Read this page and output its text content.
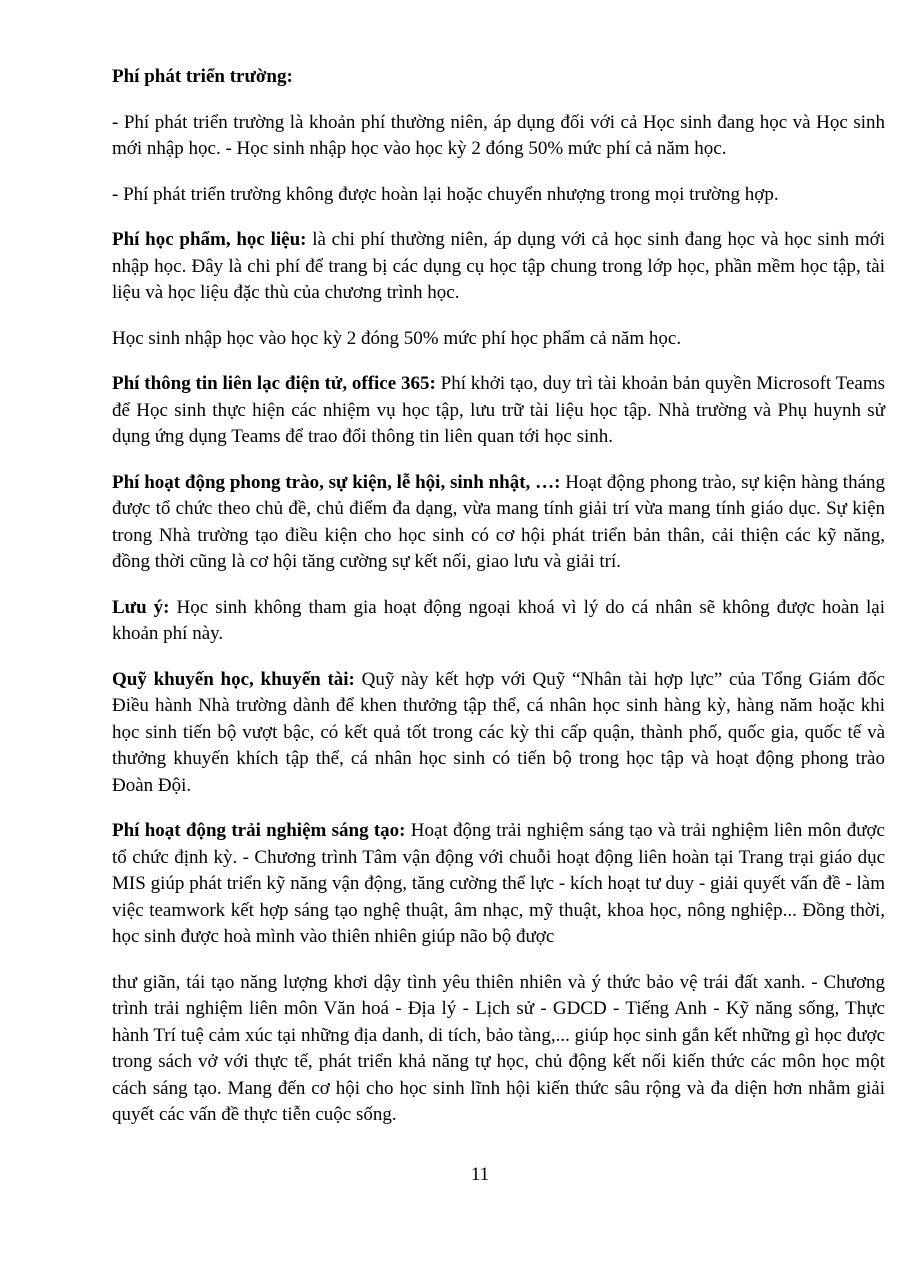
Phí phát triển trường:

- Phí phát triển trường là khoản phí thường niên, áp dụng đối với cả Học sinh đang học và Học sinh mới nhập học. - Học sinh nhập học vào học kỳ 2 đóng 50% mức phí cả năm học.

- Phí phát triển trường không được hoàn lại hoặc chuyển nhượng trong mọi trường hợp.

Phí học phẩm, học liệu: là chi phí thường niên, áp dụng với cả học sinh đang học và học sinh mới nhập học. Đây là chi phí để trang bị các dụng cụ học tập chung trong lớp học, phần mềm học tập, tài liệu và học liệu đặc thù của chương trình học.

Học sinh nhập học vào học kỳ 2 đóng 50% mức phí học phẩm cả năm học.

Phí thông tin liên lạc điện tử, office 365: Phí khởi tạo, duy trì tài khoản bản quyền Microsoft Teams để Học sinh thực hiện các nhiệm vụ học tập, lưu trữ tài liệu học tập. Nhà trường và Phụ huynh sử dụng ứng dụng Teams để trao đổi thông tin liên quan tới học sinh.

Phí hoạt động phong trào, sự kiện, lễ hội, sinh nhật, …: Hoạt động phong trào, sự kiện hàng tháng được tổ chức theo chủ đề, chủ điểm đa dạng, vừa mang tính giải trí vừa mang tính giáo dục. Sự kiện trong Nhà trường tạo điều kiện cho học sinh có cơ hội phát triển bản thân, cải thiện các kỹ năng, đồng thời cũng là cơ hội tăng cường sự kết nối, giao lưu và giải trí.

Lưu ý: Học sinh không tham gia hoạt động ngoại khoá vì lý do cá nhân sẽ không được hoàn lại khoản phí này.

Quỹ khuyến học, khuyến tài: Quỹ này kết hợp với Quỹ “Nhân tài hợp lực” của Tổng Giám đốc Điều hành Nhà trường dành để khen thưởng tập thể, cá nhân học sinh hàng kỳ, hàng năm hoặc khi học sinh tiến bộ vượt bậc, có kết quả tốt trong các kỳ thi cấp quận, thành phố, quốc gia, quốc tế và thưởng khuyến khích tập thể, cá nhân học sinh có tiến bộ trong học tập và hoạt động phong trào Đoàn Đội.

Phí hoạt động trải nghiệm sáng tạo: Hoạt động trải nghiệm sáng tạo và trải nghiệm liên môn được tổ chức định kỳ. - Chương trình Tâm vận động với chuỗi hoạt động liên hoàn tại Trang trại giáo dục MIS giúp phát triển kỹ năng vận động, tăng cường thể lực - kích hoạt tư duy - giải quyết vấn đề - làm việc teamwork kết hợp sáng tạo nghệ thuật, âm nhạc, mỹ thuật, khoa học, nông nghiệp... Đồng thời, học sinh được hoà mình vào thiên nhiên giúp não bộ được

thư giãn, tái tạo năng lượng khơi dậy tình yêu thiên nhiên và ý thức bảo vệ trái đất xanh. - Chương trình trải nghiệm liên môn Văn hoá - Địa lý - Lịch sử - GDCD - Tiếng Anh - Kỹ năng sống, Thực hành Trí tuệ cảm xúc tại những địa danh, di tích, bảo tàng,... giúp học sinh gắn kết những gì học được trong sách vở với thực tế, phát triển khả năng tự học, chủ động kết nối kiến thức các môn học một cách sáng tạo. Mang đến cơ hội cho học sinh lĩnh hội kiến thức sâu rộng và đa diện hơn nhằm giải quyết các vấn đề thực tiễn cuộc sống.

11
